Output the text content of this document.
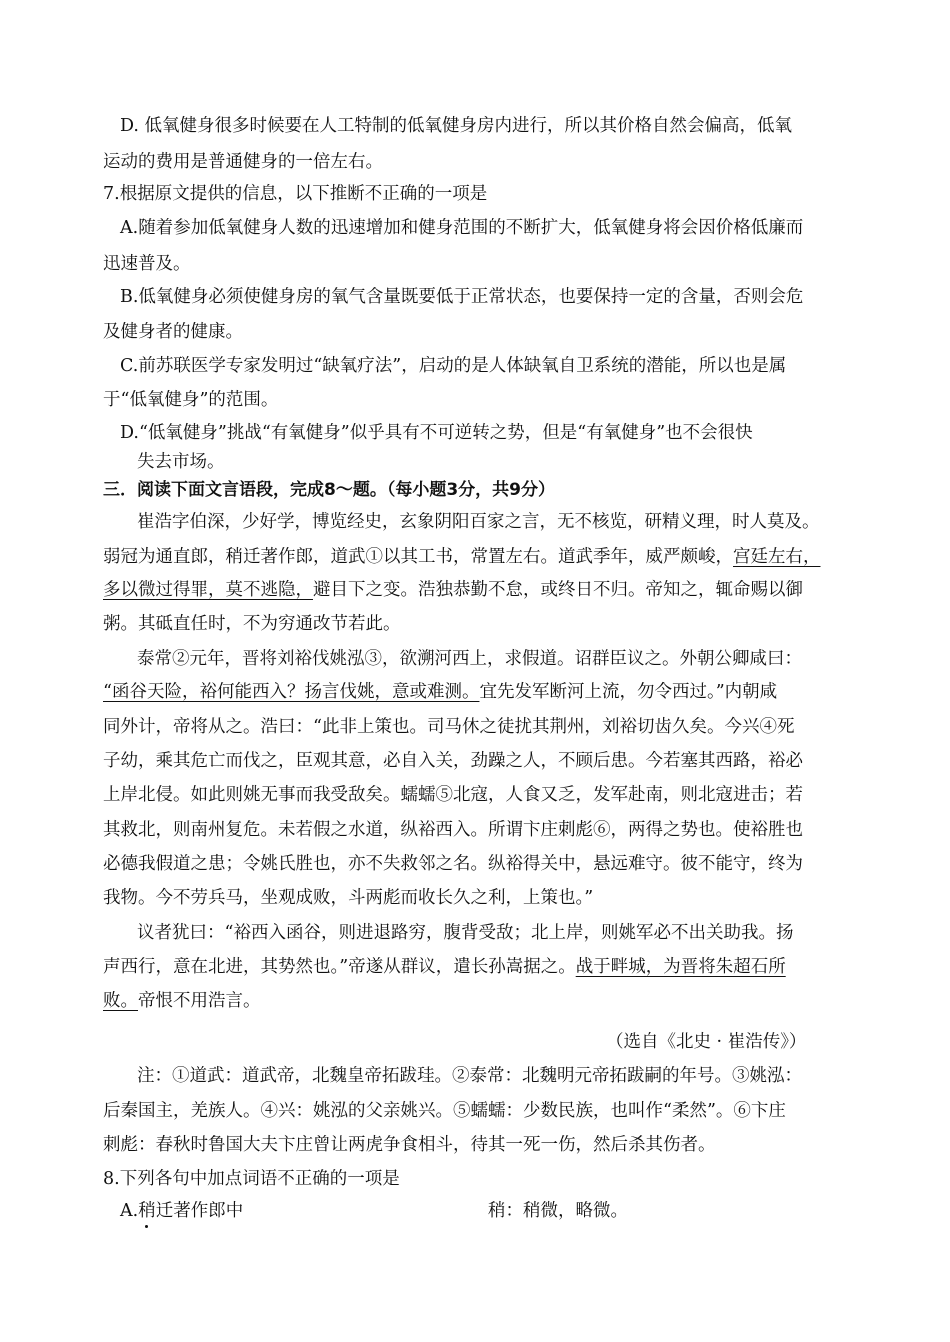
D. 低氧健身很多时候要在人工特制的低氧健身房内进行，所以其价格自然会偏高，低氧
运动的费用是普通健身的一倍左右。
7.根据原文提供的信息，以下推断不正确的一项是
A.随着参加低氧健身人数的迅速增加和健身范围的不断扩大，低氧健身将会因价格低廉而
迅速普及。
B.低氧健身必须使健身房的氧气含量既要低于正常状态，也要保持一定的含量，否则会危
及健身者的健康。
C.前苏联医学专家发明过“缺氧疗法”，启动的是人体缺氧自卫系统的潜能，所以也是属
于“低氧健身”的范围。
D.“低氧健身”挑战“有氧健身”似乎具有不可逆转之势，但是“有氧健身”也不会很快
失去市场。
三．阅读下面文言语段，完成8～题。（每小题3分，共9分）
崔浩字伯深，少好学，博览经史，玄象阴阳百家之言，无不核览，研精义理，时人莫及。
弱冠为通直郎，稍迁著作郎，道武①以其工书，常置左右。道武季年，威严颇峻，宫廷左右，
多以微过得罪，莫不逃隐，避目下之变。浩独恭勤不怠，或终日不归。帝知之，辄命赐以御
粥。其砥直任时，不为穷通改节若此。
泰常②元年，晋将刘裕伐姚泓③，欲溯河西上，求假道。诏群臣议之。外朝公卿咸曰：
“函谷天险，裕何能西入？扬言伐姚，意或难测。宜先发军断河上流，勿令西过。”内朝咸
同外计，帝将从之。浩曰：“此非上策也。司马休之徒扰其荆州，刘裕切齿久矣。今兴④死
子幼，乘其危亡而伐之，臣观其意，必自入关，劲躁之人，不顾后患。今若塞其西路，裕必
上岸北侵。如此则姚无事而我受敌矣。蠕蠕⑤北寇，人食又乏，发军赴南，则北寇进击；若
其救北，则南州复危。未若假之水道，纵裕西入。所谓卞庄刺彪⑥，两得之势也。使裕胜也
必德我假道之患；令姚氏胜也，亦不失救邻之名。纵裕得关中，悬远难守。彼不能守，终为
我物。今不劳兵马，坐观成败，斗两彪而收长久之利，上策也。”
议者犹曰：“裕西入函谷，则进退路穷，腹背受敌；北上岸，则姚军必不出关助我。扬
声西行，意在北进，其势然也。”帝遂从群议，遣长孙嵩据之。战于畔城，为晋将朱超石所
败。帝恨不用浩言。
（选自《北史 · 崔浩传》）
注：①道武：道武帝，北魏皇帝拓跋珪。②泰常：北魏明元帝拓跋嗣的年号。③姚泓：
后秦国主，羌族人。④兴：姚泓的父亲姚兴。⑤蠕蠕：少数民族，也叫作“柔然”。⑥卞庄
刺彪：春秋时鲁国大夫卞庄曾让两虎争食相斗，待其一死一伤，然后杀其伤者。
8.下列各句中加点词语不正确的一项是
A.稍迁著作郎中	稍：稍微，略微。
